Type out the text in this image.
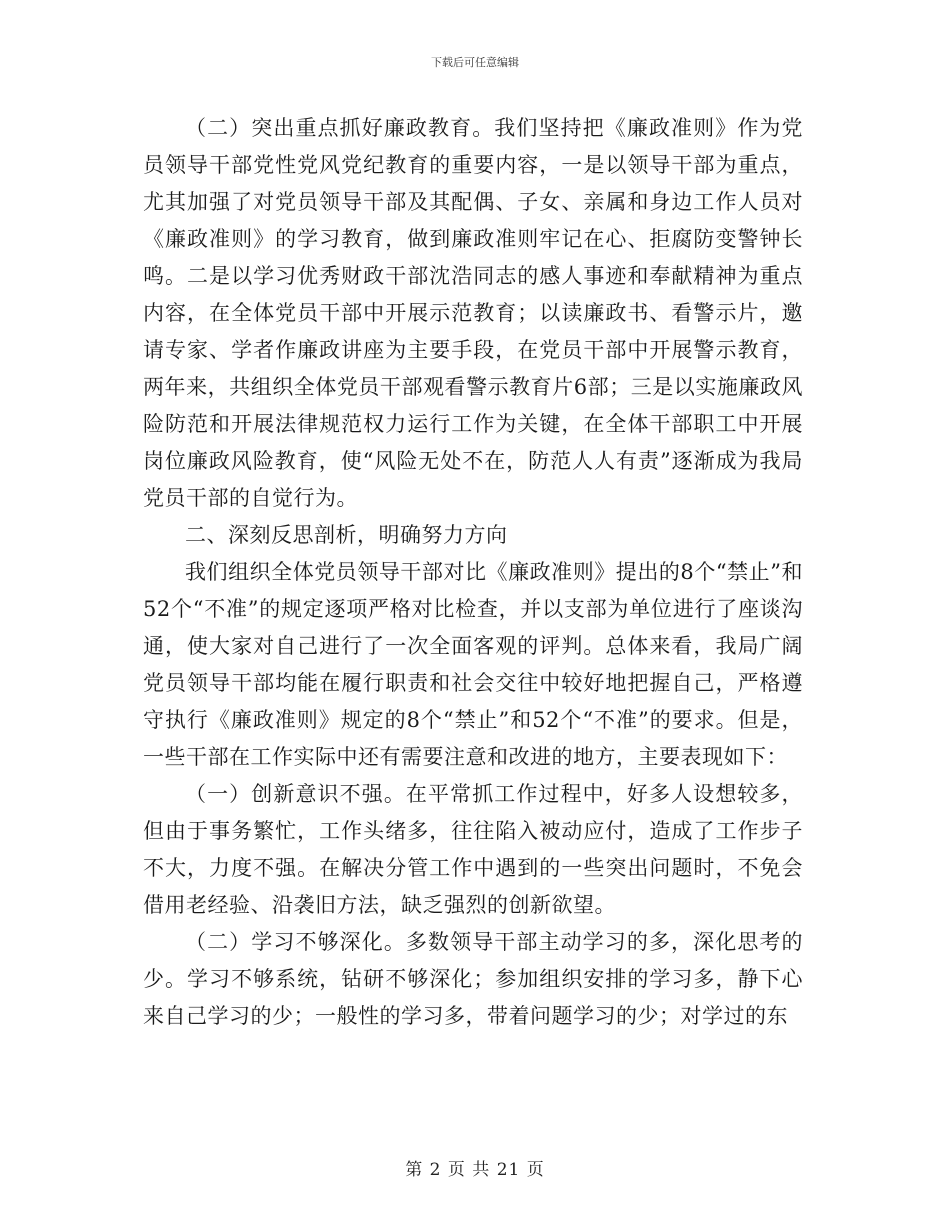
下载后可任意编辑

（二）突出重点抓好廉政教育。我们坚持把《廉政准则》作为党员领导干部党性党风党纪教育的重要内容，一是以领导干部为重点，尤其加强了对党员领导干部及其配偶、子女、亲属和身边工作人员对《廉政准则》的学习教育，做到廉政准则牢记在心、拒腐防变警钟长鸣。二是以学习优秀财政干部沈浩同志的感人事迹和奉献精神为重点内容，在全体党员干部中开展示范教育；以读廉政书、看警示片，邀请专家、学者作廉政讲座为主要手段，在党员干部中开展警示教育，两年来，共组织全体党员干部观看警示教育片6部；三是以实施廉政风险防范和开展法律规范权力运行工作为关键，在全体干部职工中开展岗位廉政风险教育，使“风险无处不在，防范人人有责”逐渐成为我局党员干部的自觉行为。

二、深刻反思剖析，明确努力方向

我们组织全体党员领导干部对比《廉政准则》提出的8个“禁止”和52个“不准”的规定逐项严格对比检查，并以支部为单位进行了座谈沟通，使大家对自己进行了一次全面客观的评判。总体来看，我局广阔党员领导干部均能在履行职责和社会交往中较好地把握自己，严格遵守执行《廉政准则》规定的8个“禁止”和52个“不准”的要求。但是，一些干部在工作实际中还有需要注意和改进的地方，主要表现如下：

（一）创新意识不强。在平常抓工作过程中，好多人设想较多，但由于事务繁忙，工作头绪多，往往陷入被动应付，造成了工作步子不大，力度不强。在解决分管工作中遇到的一些突出问题时，不免会借用老经验、沿袭旧方法，缺乏强烈的创新欲望。

（二）学习不够深化。多数领导干部主动学习的多，深化思考的少。学习不够系统，钻研不够深化；参加组织安排的学习多，静下心来自己学习的少；一般性的学习多，带着问题学习的少；对学过的东

第 2 页 共 21 页
